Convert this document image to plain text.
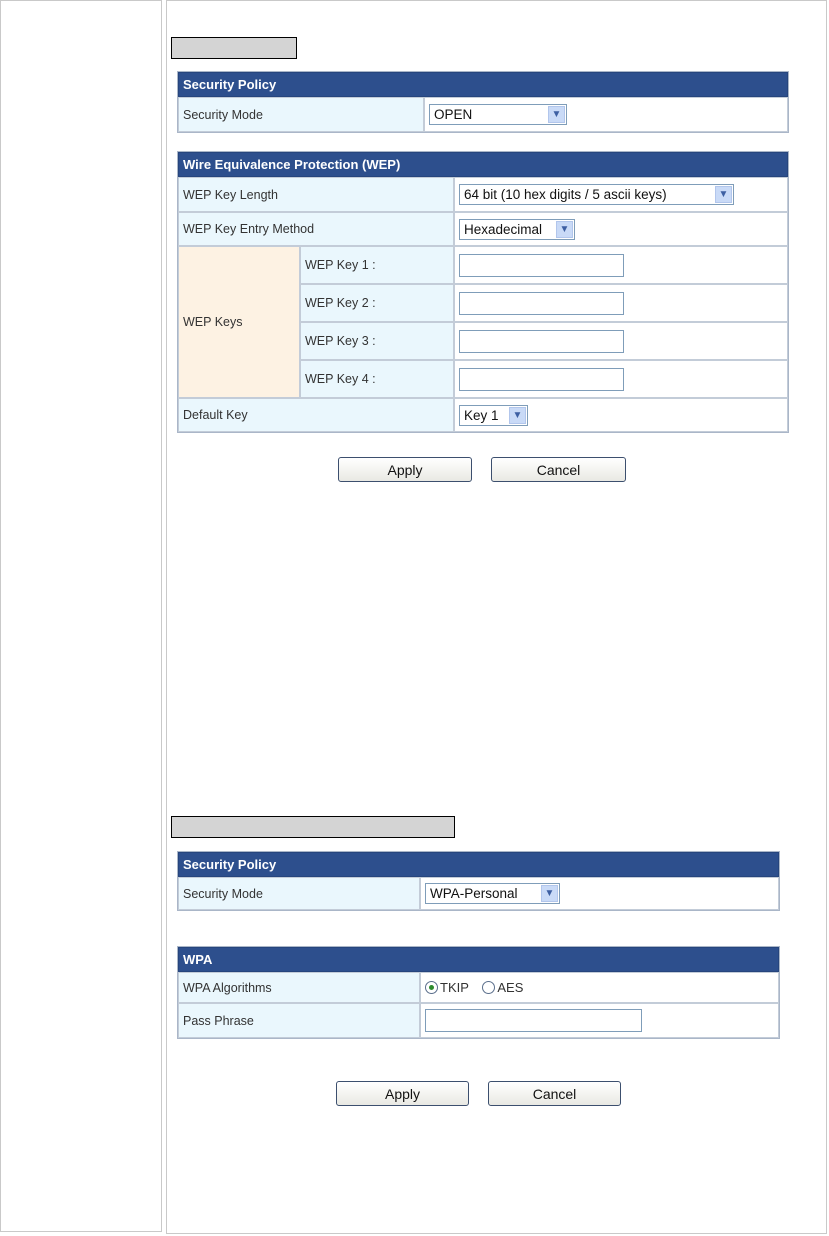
Security Policy
Security Mode	OPEN	▼
Wire Equivalence Protection (WEP)		
WEP Key Length		64 bit (10 hex digits / 5 ascii keys) ▼

WEP Key Entry Method		Hexadecimal ▼

WEP Keys	WEP Key 1 :	
	WEP Key 2 :	
	WEP Key 3 :	
	WEP Key 4 :	
Default Key		Key 1 ▼
Apply	Cancel
Security Policy
Security Mode	WPA-Personal	▼
WPA	
WPA Algorithms	TKIP AES
Pass Phrase	
Apply	Cancel
